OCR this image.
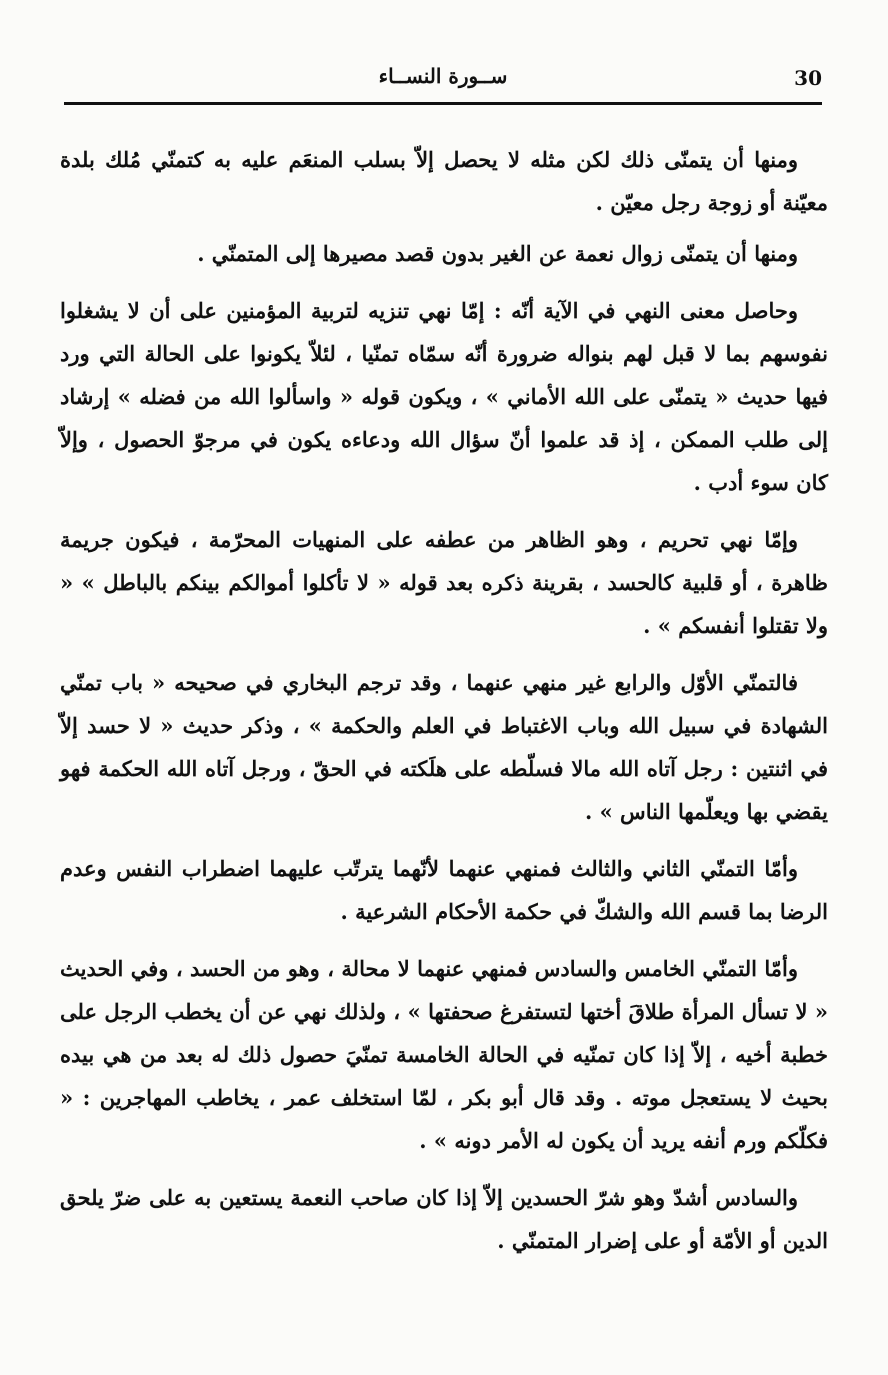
30
ســورة النســاء

ومنها أن يتمنّى ذلك لكن مثله لا يحصل إلاّ بسلب المنعَم عليه به كتمنّي مُلك بلدة معيّنة أو زوجة رجل معيّن .

ومنها أن يتمنّى زوال نعمة عن الغير بدون قصد مصيرها إلى المتمنّي .

وحاصل معنى النهي في الآية أنّه : إمّا نهي تنزيه لتربية المؤمنين على أن لا يشغلوا نفوسهم بما لا قبل لهم بنواله ضرورة أنّه سمّاه تمنّيا ، لئلاّ يكونوا على الحالة التي ورد فيها حديث « يتمنّى على الله الأماني » ، ويكون قوله « واسألوا الله من فضله » إرشاد إلى طلب الممكن ، إذ قد علموا أنّ سؤال الله ودعاءه يكون في مرجوّ الحصول ، وإلاّ كان سوء أدب .

وإمّا نهي تحريم ، وهو الظاهر من عطفه على المنهيات المحرّمة ، فيكون جريمة ظاهرة ، أو قلبية كالحسد ، بقرينة ذكره بعد قوله « لا تأكلوا أموالكم بينكم بالباطل » « ولا تقتلوا أنفسكم » .

فالتمنّي الأوّل والرابع غير منهي عنهما ، وقد ترجم البخاري في صحيحه « باب تمنّي الشهادة في سبيل الله وباب الاغتباط في العلم والحكمة » ، وذكر حديث « لا حسد إلاّ في اثنتين : رجل آتاه الله مالا فسلّطه على هلَكته في الحقّ ، ورجل آتاه الله الحكمة فهو يقضي بها ويعلّمها الناس » .

وأمّا التمنّي الثاني والثالث فمنهي عنهما لأنّهما يترتّب عليهما اضطراب النفس وعدم الرضا بما قسم الله والشكّ في حكمة الأحكام الشرعية .

وأمّا التمنّي الخامس والسادس فمنهي عنهما لا محالة ، وهو من الحسد ، وفي الحديث « لا تسأل المرأة طلاقَ أختها لتستفرغ صحفتها » ، ولذلك نهي عن أن يخطب الرجل على خطبة أخيه ، إلاّ إذا كان تمنّيه في الحالة الخامسة تمنّيَ حصول ذلك له بعد من هي بيده بحيث لا يستعجل موته . وقد قال أبو بكر ، لمّا استخلف عمر ، يخاطب المهاجرين : « فكلّكم ورم أنفه يريد أن يكون له الأمر دونه » .

والسادس أشدّ وهو شرّ الحسدين إلاّ إذا كان صاحب النعمة يستعين به على ضرّ يلحق الدين أو الأمّة أو على إضرار المتمنّي .
